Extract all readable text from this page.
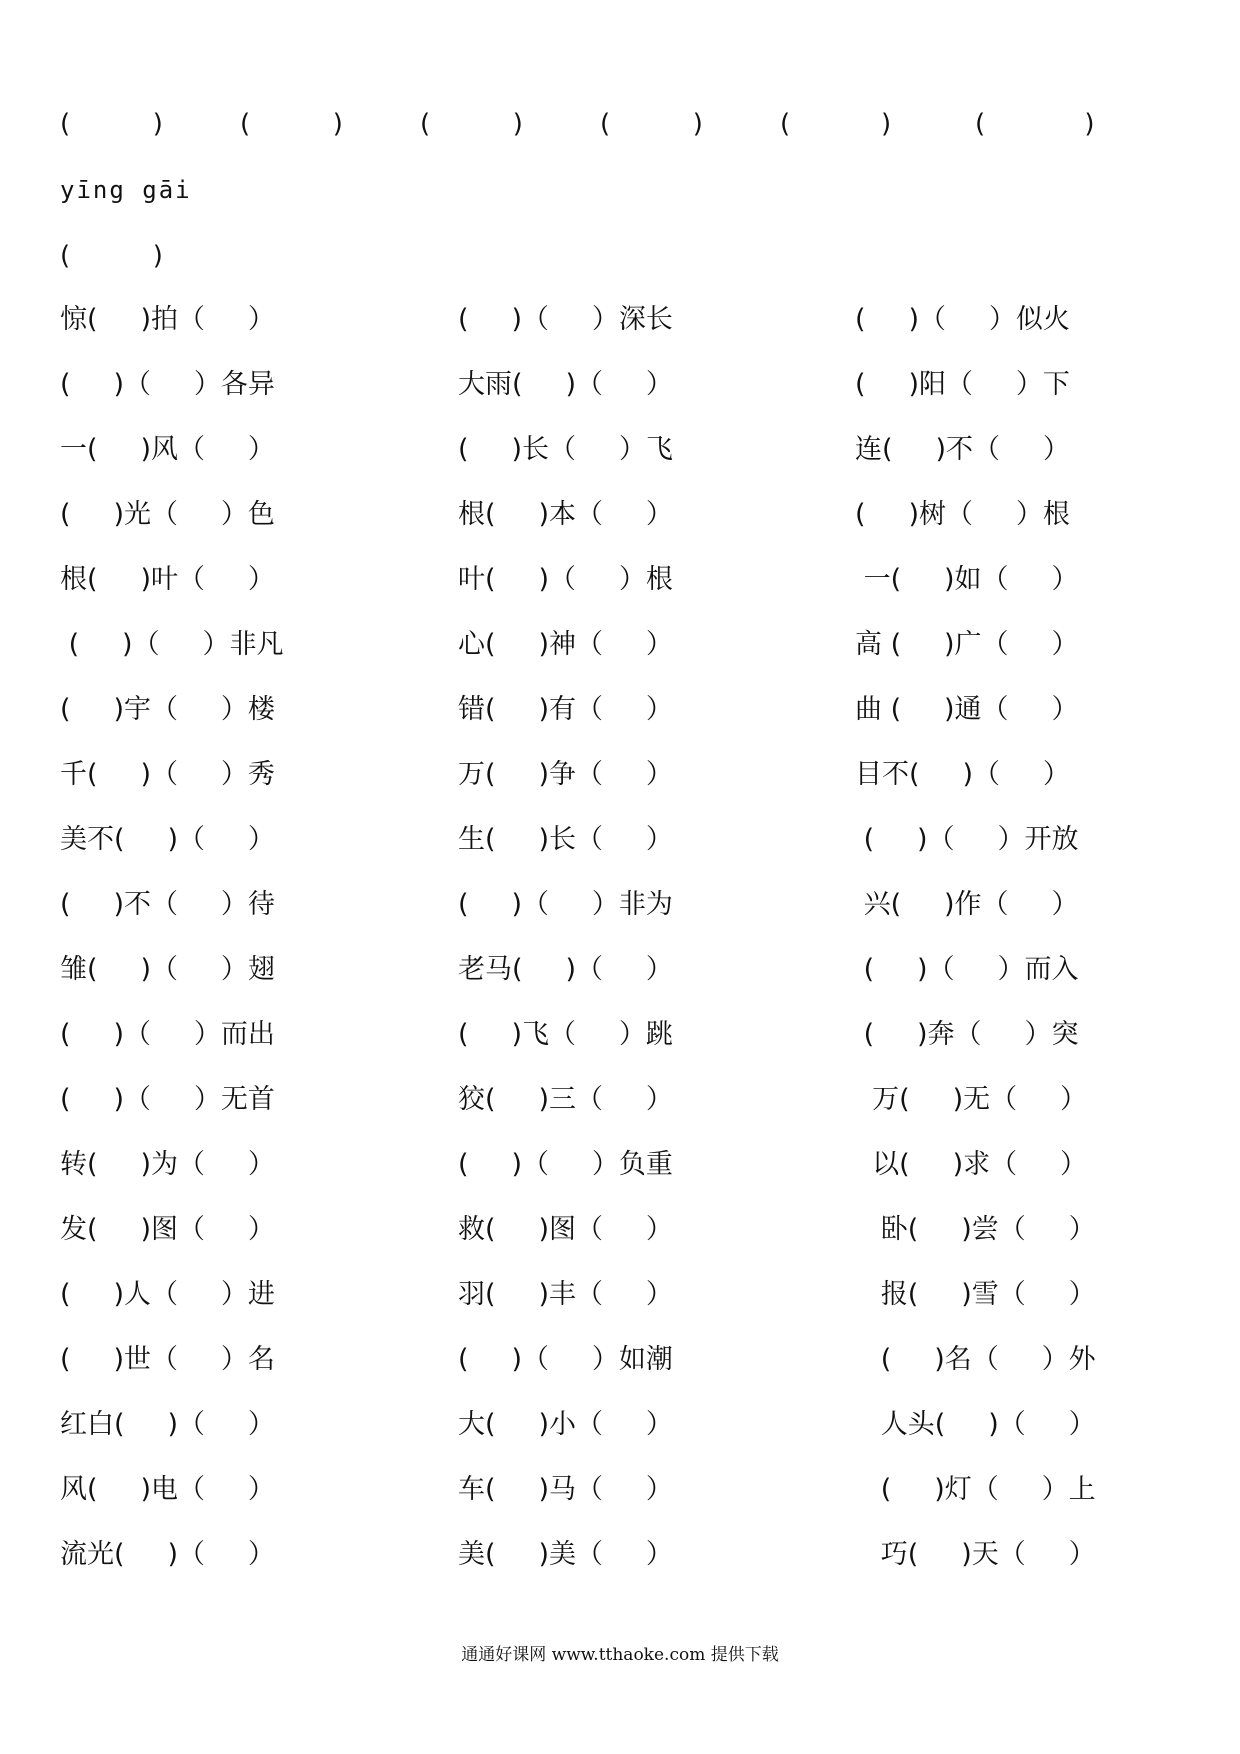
(          )	(          )	(          )	(          )	(           )	(            )
yīng gāi
(          )
惊(     )拍（     ）	(     )（     ）深长	(     )（     ）似火
(     )（     ）各异	大雨(     )（     ）	(     )阳（     ）下
一(     )风（     ）	(     )长（     ）飞	连(     )不（     ）
(     )光（     ）色	根(     )本（     ）	(     )树（     ）根
根(     )叶（     ）	叶(     )（     ）根	一(     )如（     ）
(     )（     ）非凡	心(     )神（     ）	高 (     )广（     ）
(     )宇（     ）楼	错(     )有（     ）	曲 (     )通（     ）
千(     )（     ）秀	万(     )争（     ）	目不(     )（     ）
美不(     )（     ）	生(     )长（     ）	(     )（     ）开放
(     )不（     ）待	(     )（     ）非为	兴(     )作（     ）
雏(     )（     ）翅	老马(     )（     ）	(     )（     ）而入
(     )（     ）而出	(     )飞（     ）跳	(     )奔（     ）突
(     )（     ）无首	狡(     )三（     ）	万(     )无（     ）
转(     )为（     ）	(     )（     ）负重	以(     )求（     ）
发(     )图（     ）	救(     )图（     ）	卧(     )尝（     ）
(     )人（     ）进	羽(     )丰（     ）	报(     )雪（     ）
(     )世（     ）名	(     )（     ）如潮	(     )名（     ）外
红白(     )（     ）	大(     )小（     ）	人头(     )（     ）
风(     )电（     ）	车(     )马（     ）	(     )灯（     ）上
流光(     )（     ）	美(     )美（     ）	巧(     )天（     ）
通通好课网 www.tthaoke.com 提供下载
